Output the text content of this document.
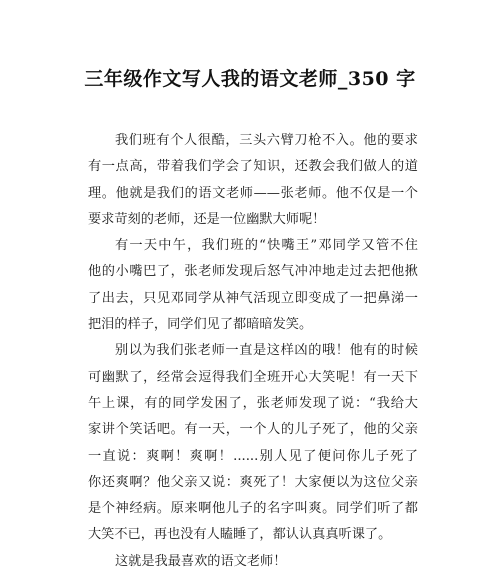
三年级作文写人我的语文老师_350 字
我们班有个人很酷，三头六臂刀枪不入。他的要求
有一点高，带着我们学会了知识，还教会我们做人的道
理。他就是我们的语文老师——张老师。他不仅是一个
要求苛刻的老师，还是一位幽默大师呢！
有一天中午，我们班的“快嘴王”邓同学又管不住
他的小嘴巴了，张老师发现后怒气冲冲地走过去把他揪
了出去，只见邓同学从神气活现立即变成了一把鼻涕一
把泪的样子，同学们见了都暗暗发笑。
别以为我们张老师一直是这样凶的哦！他有的时候
可幽默了，经常会逗得我们全班开心大笑呢！有一天下
午上课，有的同学发困了，张老师发现了说：“我给大
家讲个笑话吧。有一天，一个人的儿子死了，他的父亲
一直说：爽啊！爽啊！......别人见了便问你儿子死了
你还爽啊？他父亲又说：爽死了！大家便以为这位父亲
是个神经病。原来啊他儿子的名字叫爽。同学们听了都
大笑不已，再也没有人瞌睡了，都认认真真听课了。
这就是我最喜欢的语文老师！
